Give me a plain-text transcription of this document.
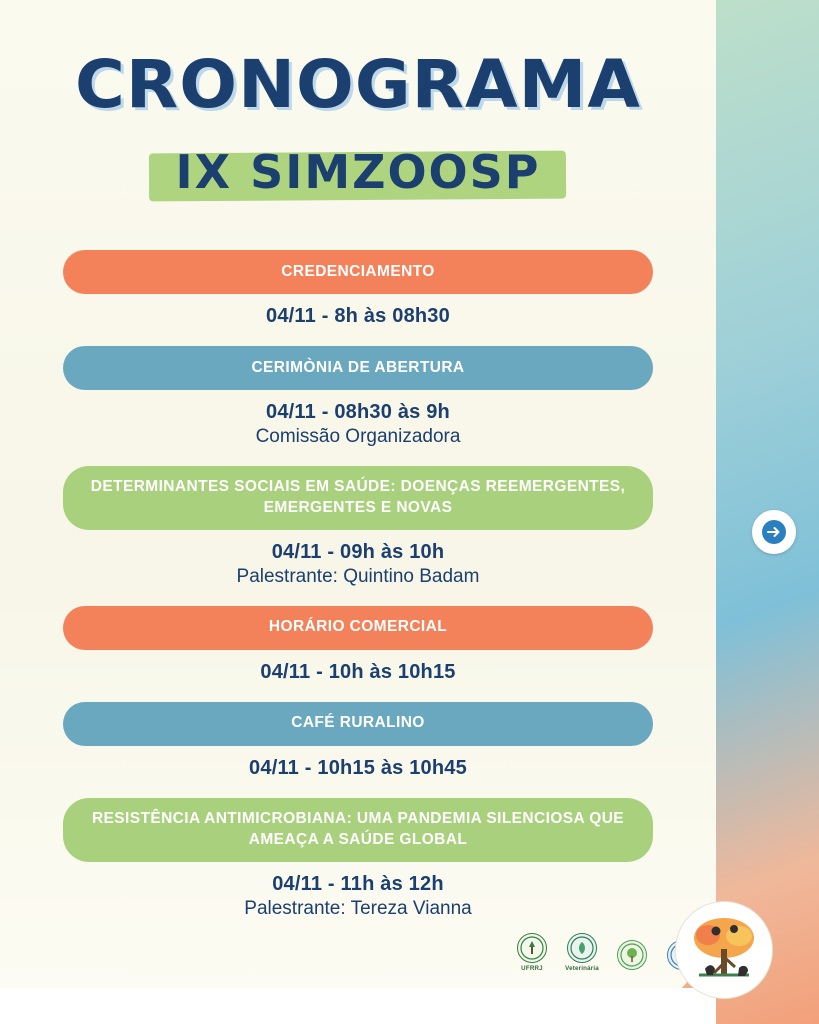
CRONOGRAMA
IX SIMZOOSP
CREDENCIAMENTO
04/11 - 8h às 08h30
CERIMÒNIA DE ABERTURA
04/11 - 08h30 às 9h
Comissão Organizadora
DETERMINANTES SOCIAIS EM SAÚDE: DOENÇAS REEMERGENTES, EMERGENTES E NOVAS
04/11 - 09h às 10h
Palestrante: Quintino Badam
HORÁRIO COMERCIAL
04/11 - 10h às 10h15
CAFÉ RURALINO
04/11 - 10h15 às 10h45
RESISTÊNCIA ANTIMICROBIANA: UMA PANDEMIA SILENCIOSA QUE AMEAÇA A SAÚDE GLOBAL
04/11 - 11h às 12h
Palestrante: Tereza Vianna
UFRRJ	Veterinária
